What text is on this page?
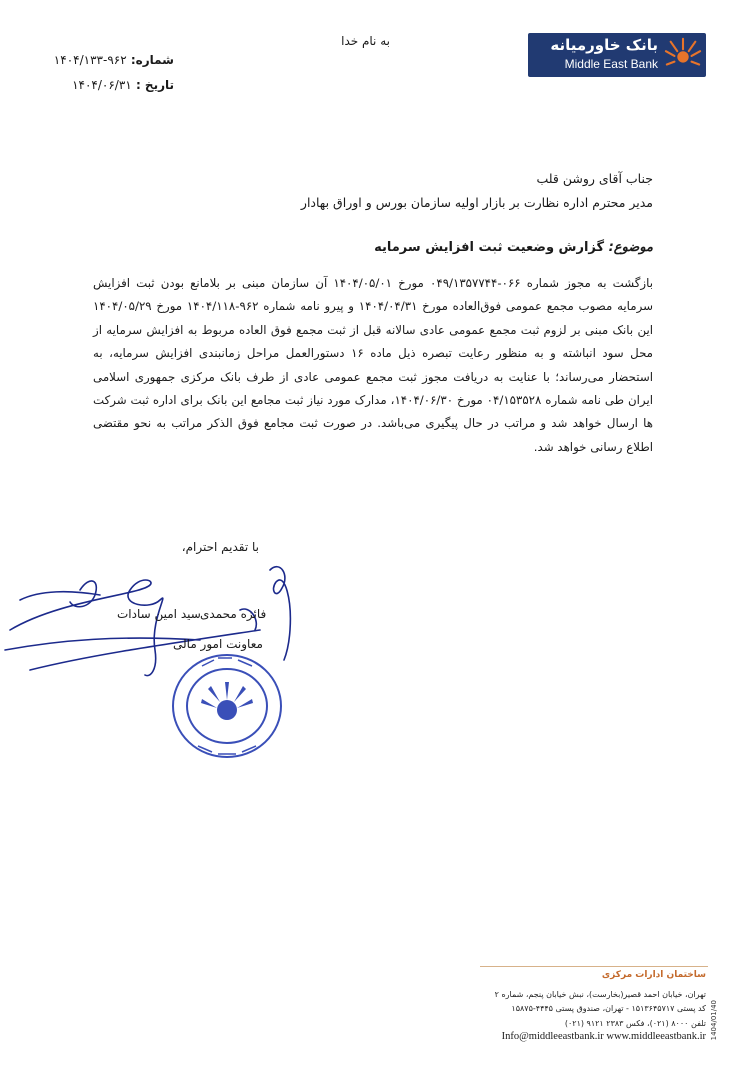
بانک خاورمیانه
Middle East Bank
به نام خدا
شماره: ۹۶۲-۱۴۰۴/۱۳۳
تاریخ : ۱۴۰۴/۰۶/۳۱
جناب آقای روشن قلب
مدیر محترم اداره نظارت بر بازار اولیه سازمان بورس و اوراق بهادار
موضوع: گزارش وضعیت ثبت افزایش سرمایه
بازگشت به مجوز شماره ۰۶۶-۰۴۹/۱۳۵۷۷۴۴ مورخ ۱۴۰۴/۰۵/۰۱ آن سازمان مبنی بر بلامانع بودن ثبت افزایش سرمایه مصوب مجمع عمومی فوق‌العاده مورخ ۱۴۰۴/۰۴/۳۱ و پیرو نامه شماره ۹۶۲-۱۴۰۴/۱۱۸ مورخ ۱۴۰۴/۰۵/۲۹ این بانک مبنی بر لزوم ثبت مجمع عمومی عادی سالانه قبل از ثبت مجمع فوق العاده مربوط به افزایش سرمایه از محل سود انباشته و به منظور رعایت تبصره ذیل ماده ۱۶ دستورالعمل مراحل زمانبندی افزایش سرمایه، به استحضار می‌رساند؛ با عنایت به دریافت مجوز ثبت مجمع عمومی عادی از طرف بانک مرکزی جمهوری اسلامی ایران طی نامه شماره ۰۴/۱۵۳۵۲۸ مورخ ۱۴۰۴/۰۶/۳۰، مدارک مورد نیاز ثبت مجامع این بانک برای اداره ثبت شرکت ها ارسال خواهد شد و مراتب در حال پیگیری می‌باشد. در صورت ثبت مجامع فوق الذکر مراتب به نحو مقتضی اطلاع رسانی خواهد شد.
با تقدیم احترام،
فائزه محمدی
سید امین سادات
معاونت امور مالی
ساختمان ادارات مرکزی
تهران، خیابان احمد قصیر(بخارست)، نبش خیابان پنجم، شماره ۲
کد پستی ۱۵۱۳۶۴۵۷۱۷ - تهران، صندوق پستی ۴۴۴۵-۱۵۸۷۵
تلفن ۸۰۰۰ (۰۲۱)، فکس ۲۳۸۳ ۹۱۲۱ (۰۲۱)
Info@middleeastbank.ir www.middleeastbank.ir 1404/01/40
